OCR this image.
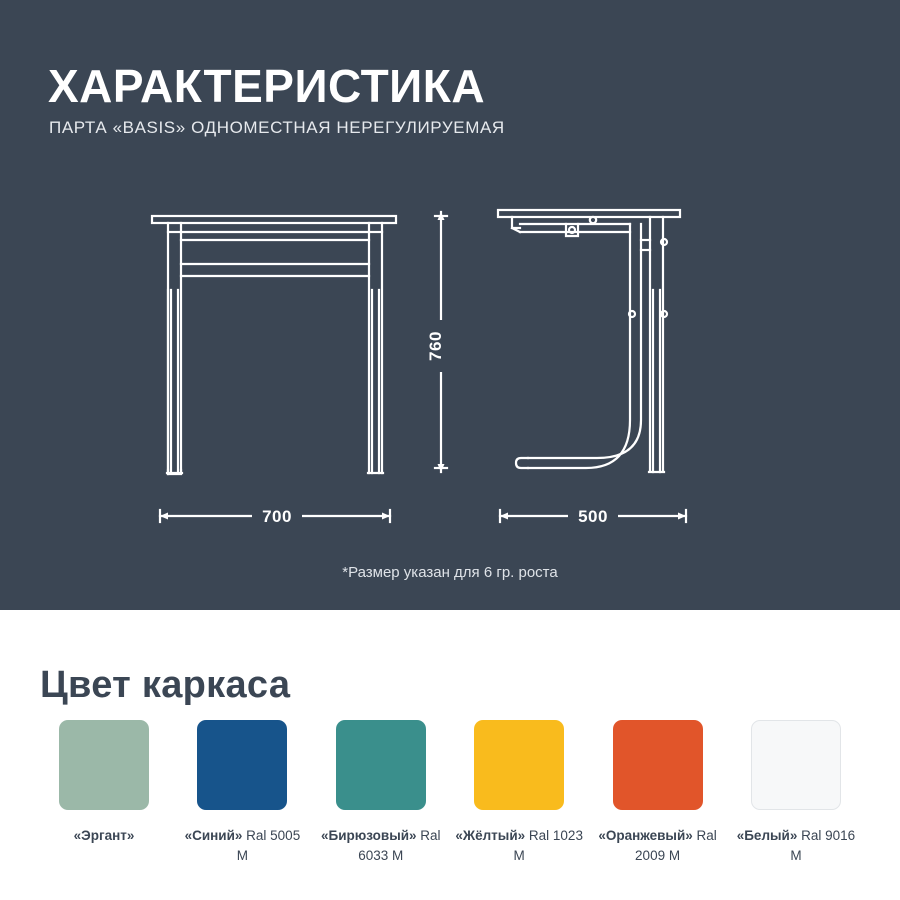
ХАРАКТЕРИСТИКА
ПАРТА «BASIS» ОДНОМЕСТНАЯ НЕРЕГУЛИРУЕМАЯ
760
700	500
*Размер указан для 6 гр. роста
Цвет каркаса
«Эргант»	«Синий» Ral 5005 М
«Бирюзовый» Ral 6033 М
«Жёлтый» Ral 1023 М
«Оранжевый» Ral 2009 М
«Белый» Ral 9016 М
